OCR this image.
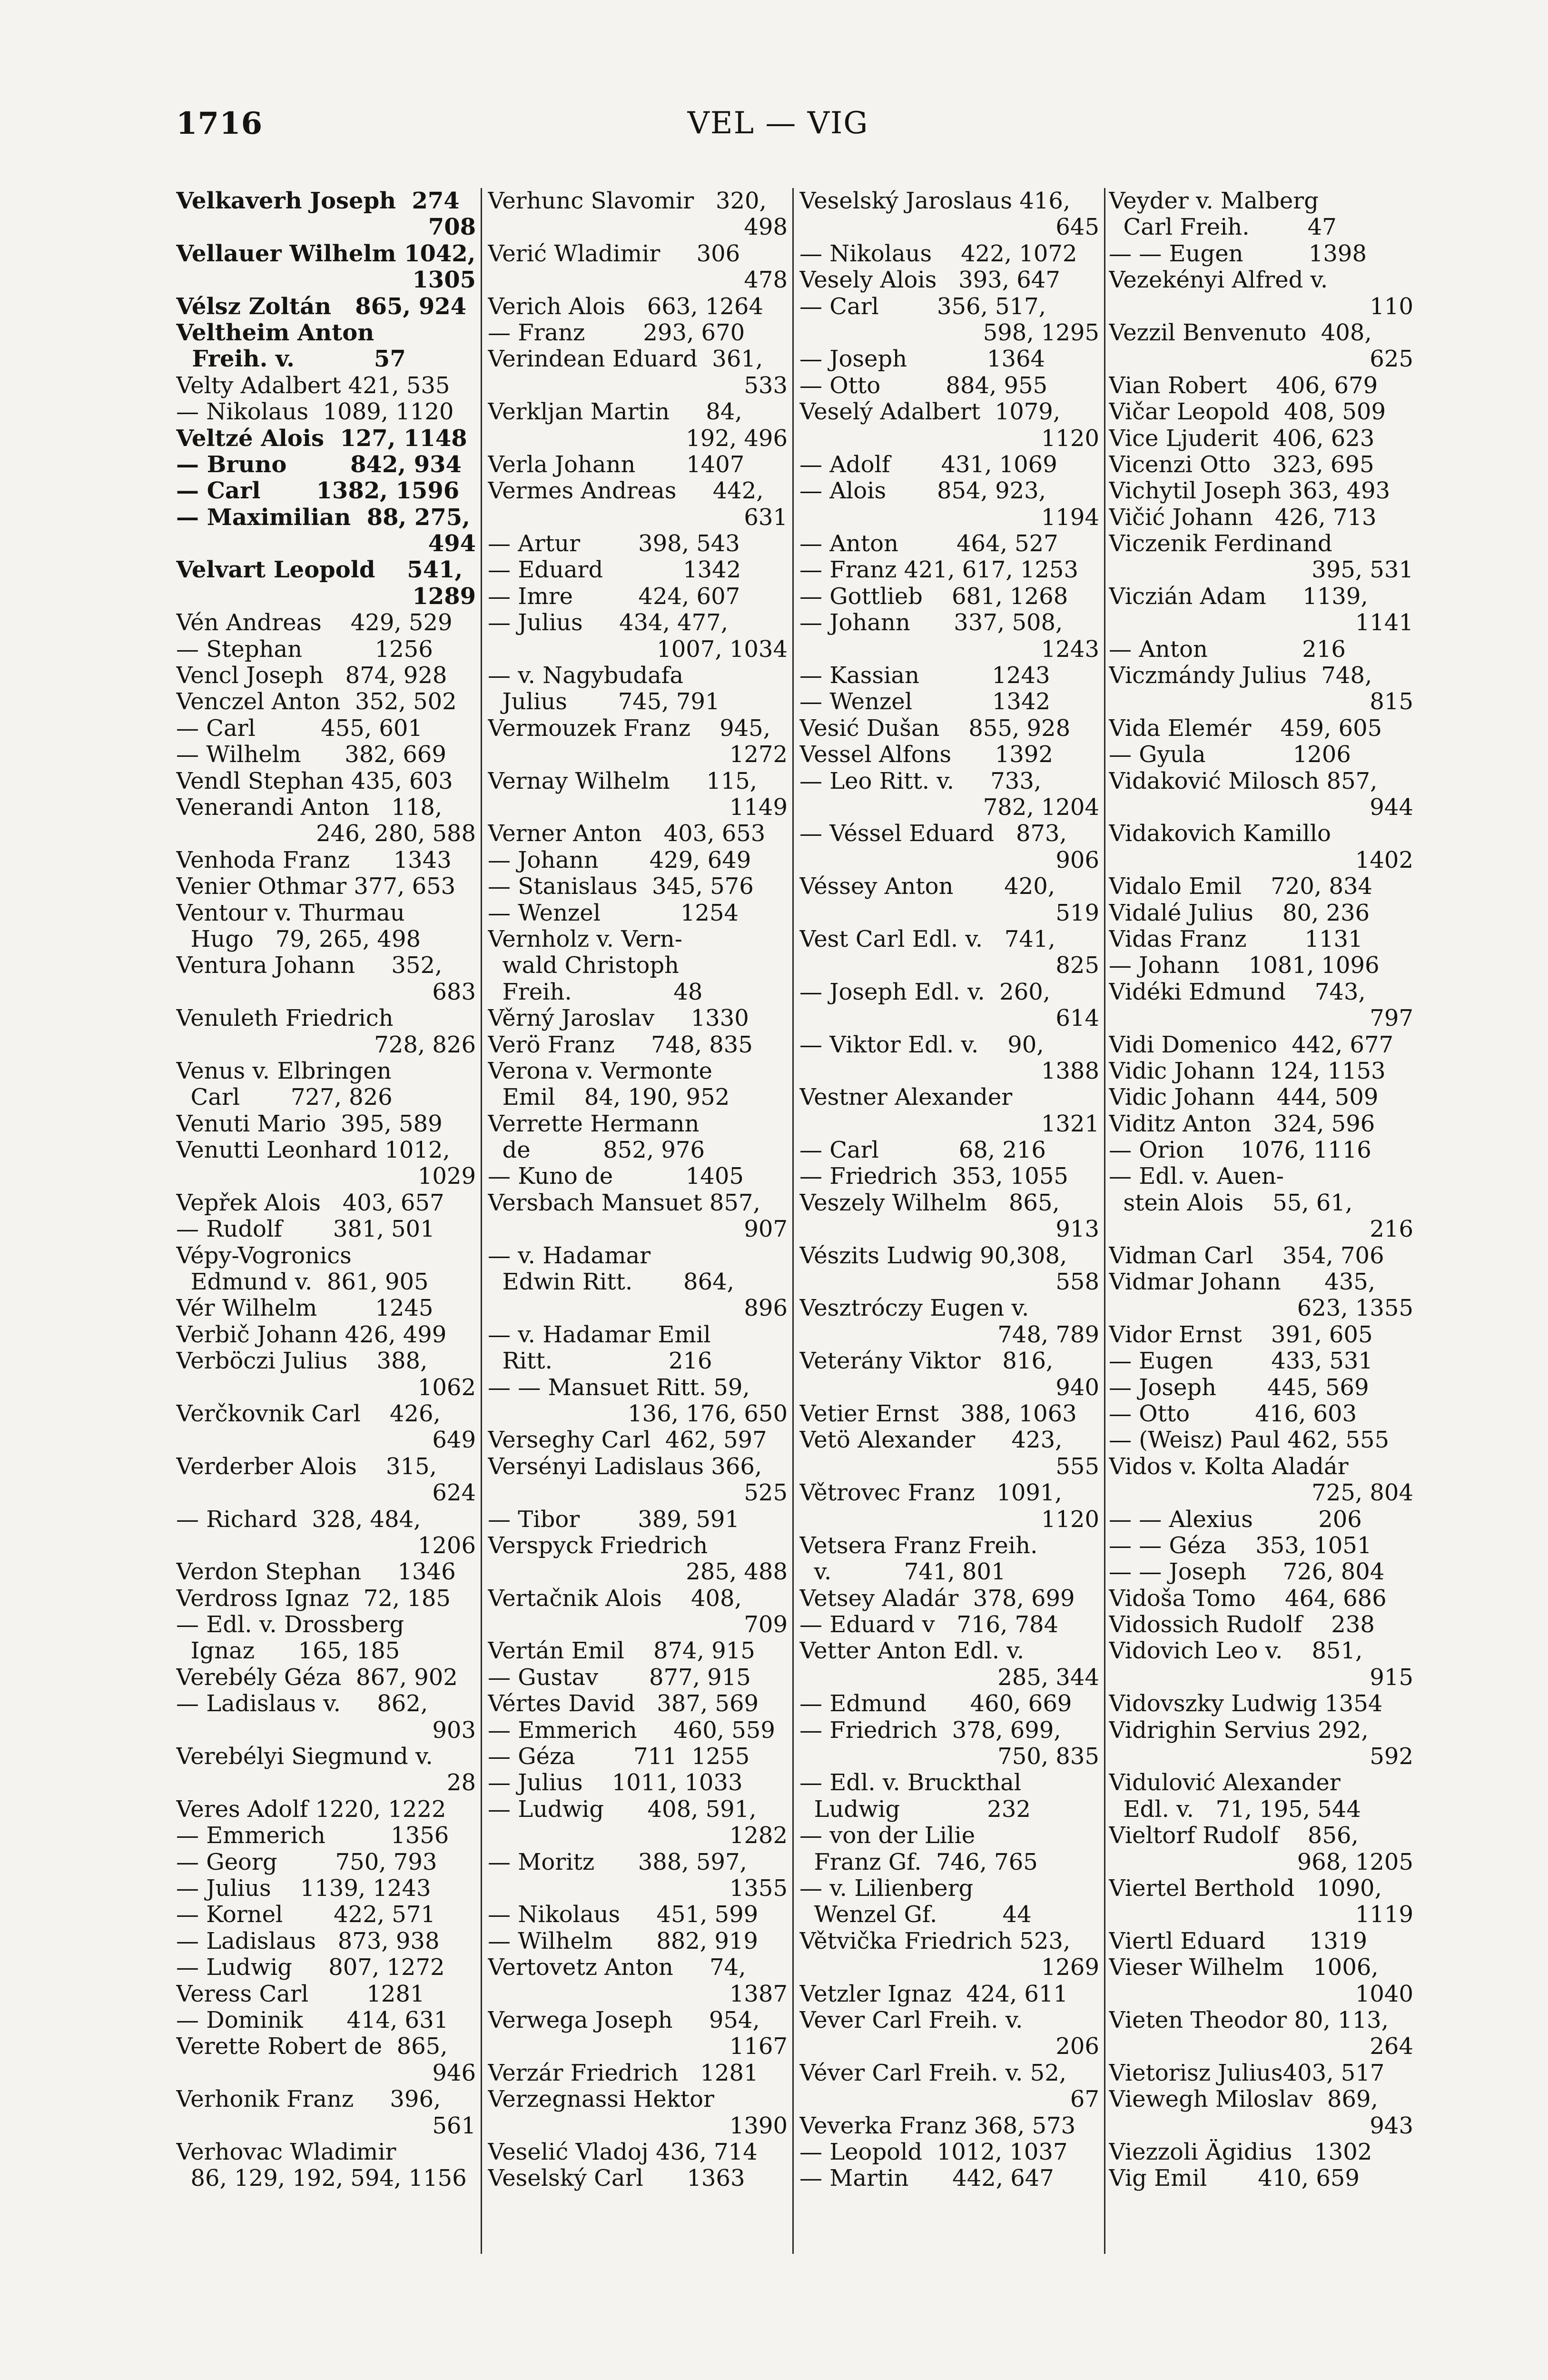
1716	VEL — VIG
Velkaverh Joseph  274
708
Vellauer Wilhelm 1042,
1305
Vélsz Zoltán   865, 924
Veltheim Anton
Freih. v.          57
Velty Adalbert 421, 535
— Nikolaus  1089, 1120
Veltzé Alois  127, 1148
— Bruno        842, 934
— Carl       1382, 1596
— Maximilian  88, 275,
494
Velvart Leopold    541,
1289
Vén Andreas    429, 529
— Stephan          1256
Vencl Joseph   874, 928
Venczel Anton  352, 502
— Carl         455, 601
— Wilhelm      382, 669
Vendl Stephan 435, 603
Venerandi Anton   118,
246, 280, 588
Venhoda Franz      1343
Venier Othmar 377, 653
Ventour v. Thurmau
Hugo   79, 265, 498
Ventura Johann     352,
683
Venuleth Friedrich
728, 826
Venus v. Elbringen
Carl       727, 826
Venuti Mario  395, 589
Venutti Leonhard 1012,
1029
Vepřek Alois   403, 657
— Rudolf       381, 501
Vépy-Vogronics
Edmund v.  861, 905
Vér Wilhelm        1245
Verbič Johann 426, 499
Verböczi Julius    388,
1062
Verčkovnik Carl    426,
649
Verderber Alois    315,
624
— Richard  328, 484,
1206
Verdon Stephan     1346
Verdross Ignaz  72, 185
— Edl. v. Drossberg
Ignaz      165, 185
Verebély Géza  867, 902
— Ladislaus v.     862,
903
Verebélyi Siegmund v.
28
Veres Adolf 1220, 1222
— Emmerich         1356
— Georg        750, 793
— Julius    1139, 1243
— Kornel       422, 571
— Ladislaus   873, 938
— Ludwig     807, 1272
Veress Carl        1281
— Dominik      414, 631
Verette Robert de  865,
946
Verhonik Franz     396,
561
Verhovac Wladimir
86, 129, 192, 594, 1156
Verhunc Slavomir   320,
498
Verić Wladimir     306
478
Verich Alois   663, 1264
— Franz        293, 670
Verindean Eduard  361,
533
Verkljan Martin     84,
192, 496
Verla Johann       1407
Vermes Andreas     442,
631
— Artur        398, 543
— Eduard           1342
— Imre         424, 607
— Julius     434, 477,
1007, 1034
— v. Nagybudafa
Julius       745, 791
Vermouzek Franz    945,
1272
Vernay Wilhelm     115,
1149
Verner Anton   403, 653
— Johann       429, 649
— Stanislaus  345, 576
— Wenzel           1254
Vernholz v. Vern-
wald Christoph
Freih.              48
Věrný Jaroslav     1330
Verö Franz     748, 835
Verona v. Vermonte
Emil    84, 190, 952
Verrette Hermann
de          852, 976
— Kuno de          1405
Versbach Mansuet 857,
907
— v. Hadamar
Edwin Ritt.       864,
896
— v. Hadamar Emil
Ritt.                216
— — Mansuet Ritt. 59,
136, 176, 650
Verseghy Carl  462, 597
Versényi Ladislaus 366,
525
— Tibor        389, 591
Verspyck Friedrich
285, 488
Vertačnik Alois    408,
709
Vertán Emil    874, 915
— Gustav       877, 915
Vértes David   387, 569
— Emmerich     460, 559
— Géza        711  1255
— Julius    1011, 1033
— Ludwig      408, 591,
1282
— Moritz      388, 597,
1355
— Nikolaus     451, 599
— Wilhelm      882, 919
Vertovetz Anton     74,
1387
Verwega Joseph     954,
1167
Verzár Friedrich   1281
Verzegnassi Hektor
1390
Veselić Vladoj 436, 714
Veselský Carl      1363
Veselský Jaroslaus 416,
645
— Nikolaus    422, 1072
Vesely Alois   393, 647
— Carl        356, 517,
598, 1295
— Joseph           1364
— Otto         884, 955
Veselý Adalbert  1079,
1120
— Adolf       431, 1069
— Alois       854, 923,
1194
— Anton        464, 527
— Franz 421, 617, 1253
— Gottlieb    681, 1268
— Johann      337, 508,
1243
— Kassian          1243
— Wenzel           1342
Vesić Dušan    855, 928
Vessel Alfons      1392
— Leo Ritt. v.     733,
782, 1204
— Véssel Eduard   873,
906
Véssey Anton       420,
519
Vest Carl Edl. v.   741,
825
— Joseph Edl. v.  260,
614
— Viktor Edl. v.    90,
1388
Vestner Alexander
1321
— Carl           68, 216
— Friedrich  353, 1055
Veszely Wilhelm   865,
913
Vészits Ludwig 90,308,
558
Vesztróczy Eugen v.
748, 789
Veterány Viktor   816,
940
Vetier Ernst   388, 1063
Vetö Alexander     423,
555
Větrovec Franz   1091,
1120
Vetsera Franz Freih.
v.          741, 801
Vetsey Aladár  378, 699
— Eduard v   716, 784
Vetter Anton Edl. v.
285, 344
— Edmund      460, 669
— Friedrich  378, 699,
750, 835
— Edl. v. Bruckthal
Ludwig            232
— von der Lilie
Franz Gf.  746, 765
— v. Lilienberg
Wenzel Gf.         44
Větvička Friedrich 523,
1269
Vetzler Ignaz  424, 611
Vever Carl Freih. v.
206
Véver Carl Freih. v. 52,
67
Veverka Franz 368, 573
— Leopold  1012, 1037
— Martin      442, 647
Veyder v. Malberg
Carl Freih.        47
— — Eugen         1398
Vezekényi Alfred v.
110
Vezzil Benvenuto  408,
625
Vian Robert    406, 679
Vičar Leopold  408, 509
Vice Ljuderit  406, 623
Vicenzi Otto   323, 695
Vichytil Joseph 363, 493
Vičić Johann   426, 713
Viczenik Ferdinand
395, 531
Viczián Adam     1139,
1141
— Anton             216
Viczmándy Julius  748,
815
Vida Elemér    459, 605
— Gyula            1206
Vidaković Milosch 857,
944
Vidakovich Kamillo
1402
Vidalo Emil    720, 834
Vidalé Julius    80, 236
Vidas Franz        1131
— Johann    1081, 1096
Vidéki Edmund    743,
797
Vidi Domenico  442, 677
Vidic Johann  124, 1153
Vidic Johann   444, 509
Viditz Anton   324, 596
— Orion     1076, 1116
— Edl. v. Auen-
stein Alois    55, 61,
216
Vidman Carl    354, 706
Vidmar Johann      435,
623, 1355
Vidor Ernst    391, 605
— Eugen        433, 531
— Joseph       445, 569
— Otto         416, 603
— (Weisz) Paul 462, 555
Vidos v. Kolta Aladár
725, 804
— — Alexius         206
— — Géza    353, 1051
— — Joseph     726, 804
Vidoša Tomo    464, 686
Vidossich Rudolf    238
Vidovich Leo v.    851,
915
Vidovszky Ludwig 1354
Vidrighin Servius 292,
592
Vidulović Alexander
Edl. v.   71, 195, 544
Vieltorf Rudolf    856,
968, 1205
Viertel Berthold   1090,
1119
Viertl Eduard      1319
Vieser Wilhelm    1006,
1040
Vieten Theodor 80, 113,
264
Vietorisz Julius403, 517
Viewegh Miloslav  869,
943
Viezzoli Ägidius   1302
Vig Emil       410, 659
